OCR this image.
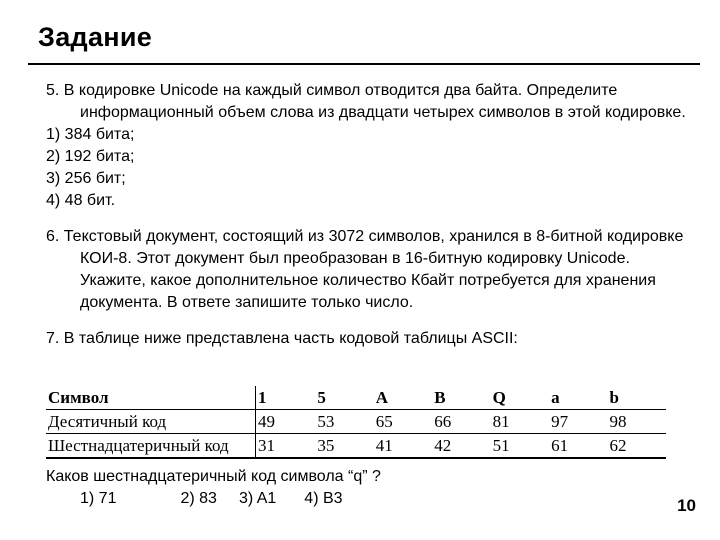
Задание
5. В кодировке Unicode на каждый символ отводится два байта. Определите информационный объем слова из двадцати четырех символов в этой кодировке.
1) 384 бита;
2) 192 бита;
3) 256 бит;
4) 48 бит.
6. Текстовый документ, состоящий из 3072 символов, хранился в 8-битной кодировке КОИ-8. Этот документ был преобразован в 16-битную кодировку Unicode. Укажите, какое дополнительное количество Кбайт потребуется для хранения документа. В ответе запишите только число.
7. В таблице ниже представлена часть кодовой таблицы ASCII:
Символ	1	5	A	B	Q	a	b
Десятичный код	49	53	65	66	81	97	98
Шестнадцатеричный код	31	35	41	42	51	61	62
Каков шестнадцатеричный код символа “q” ?
1) 71	2) 83 3) A1 4) B3	10
